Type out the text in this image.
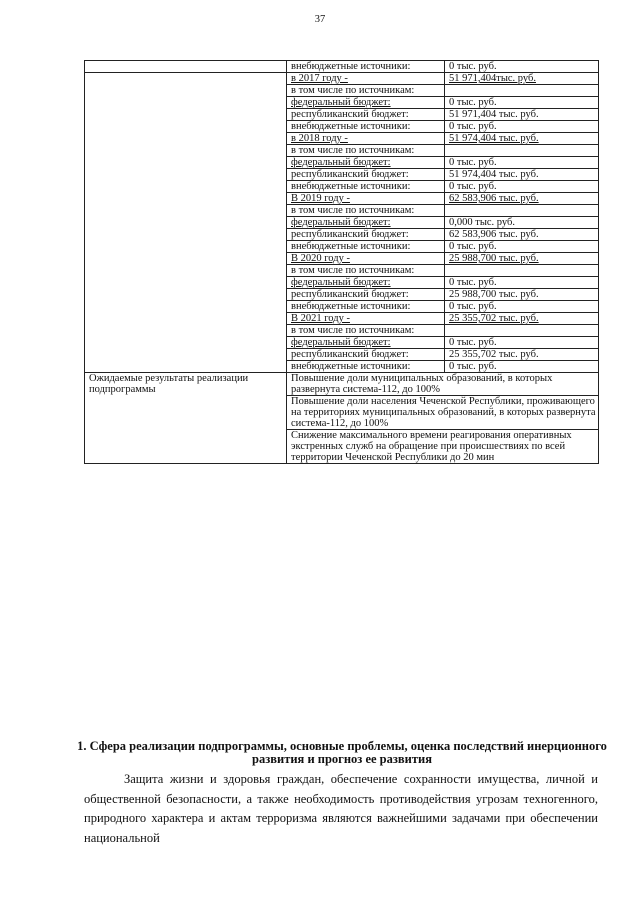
37
	внебюджетные источники:	0 тыс. руб.
	в 2017 году -	51 971,404тыс. руб.
	в том числе по источникам:	
	федеральный бюджет:	0 тыс. руб.
	республиканский бюджет:	51 971,404 тыс. руб.
	внебюджетные источники:	0 тыс. руб.
	в 2018 году -	51 974,404 тыс. руб.
	в том числе по источникам:	
	федеральный бюджет:	0 тыс. руб.
	республиканский бюджет:	51 974,404 тыс. руб.
	внебюджетные источники:	0 тыс. руб.
	В 2019 году -	62 583,906 тыс. руб.
	в том числе по источникам:	
	федеральный бюджет:	0,000 тыс. руб.
	республиканский бюджет:	62 583,906 тыс. руб.
	внебюджетные источники:	0 тыс. руб.
	В 2020 году -	25 988,700 тыс. руб.
	в том числе по источникам:	
	федеральный бюджет:	0 тыс. руб.
	республиканский бюджет:	25 988,700 тыс. руб.
	внебюджетные источники:	0 тыс. руб.
	В 2021 году -	25 355,702 тыс. руб.
	в том числе по источникам:	
	федеральный бюджет:	0 тыс. руб.
	республиканский бюджет:	25 355,702 тыс. руб.
	внебюджетные источники:	0 тыс. руб.
Ожидаемые результаты реализации подпрограммы	Повышение доли муниципальных образований, в которых развернута система-112, до 100%	
	Повышение доли населения Чеченской Республики, проживающего на территориях муниципальных образований, в которых развернута система-112, до 100%	
	Снижение максимального времени реагирования оперативных экстренных служб на обращение при происшествиях по всей территории Чеченской Республики до 20 мин	
1. Сфера реализации подпрограммы, основные проблемы, оценка последствий инерционного развития и прогноз ее развития

Защита жизни и здоровья граждан, обеспечение сохранности имущества, личной и общественной безопасности, а также необходимость противодействия угрозам техногенного, природного характера и актам терроризма являются важнейшими задачами при обеспечении национальной
